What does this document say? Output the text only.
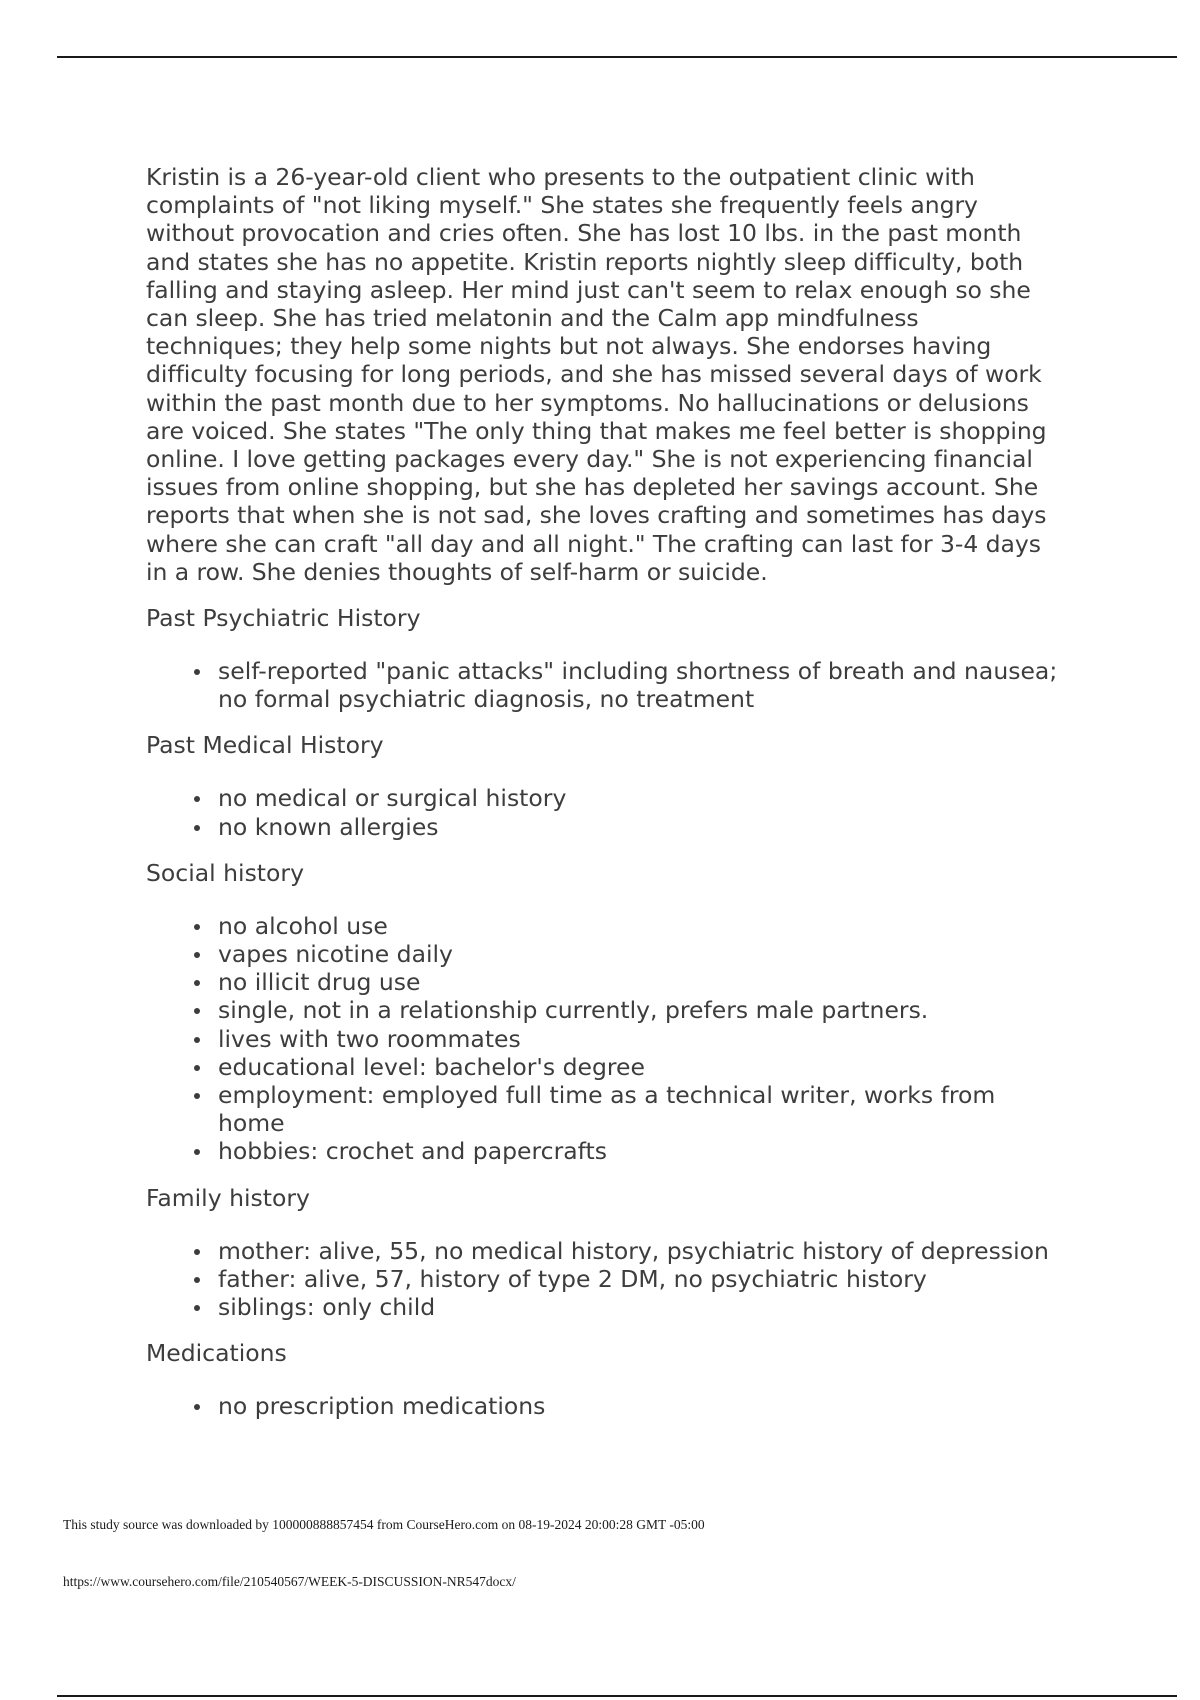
Kristin is a 26-year-old client who presents to the outpatient clinic with
complaints of "not liking myself." She states she frequently feels angry
without provocation and cries often. She has lost 10 lbs. in the past month
and states she has no appetite. Kristin reports nightly sleep difficulty, both
falling and staying asleep. Her mind just can't seem to relax enough so she
can sleep. She has tried melatonin and the Calm app mindfulness
techniques; they help some nights but not always. She endorses having
difficulty focusing for long periods, and she has missed several days of work
within the past month due to her symptoms. No hallucinations or delusions
are voiced. She states "The only thing that makes me feel better is shopping
online. I love getting packages every day." She is not experiencing financial
issues from online shopping, but she has depleted her savings account. She
reports that when she is not sad, she loves crafting and sometimes has days
where she can craft "all day and all night." The crafting can last for 3-4 days
in a row. She denies thoughts of self-harm or suicide.

Past Psychiatric History
self-reported "panic attacks" including shortness of breath and nausea;
no formal psychiatric diagnosis, no treatment
Past Medical History
no medical or surgical history
no known allergies
Social history
no alcohol use
vapes nicotine daily
no illicit drug use
single, not in a relationship currently, prefers male partners.
lives with two roommates
educational level: bachelor's degree
employment: employed full time as a technical writer, works from
home
hobbies: crochet and papercrafts
Family history
mother: alive, 55, no medical history, psychiatric history of depression
father: alive, 57, history of type 2 DM, no psychiatric history
siblings: only child
Medications
no prescription medications
This study source was downloaded by 100000888857454 from CourseHero.com on 08-19-2024 20:00:28 GMT -05:00
https://www.coursehero.com/file/210540567/WEEK-5-DISCUSSION-NR547docx/
